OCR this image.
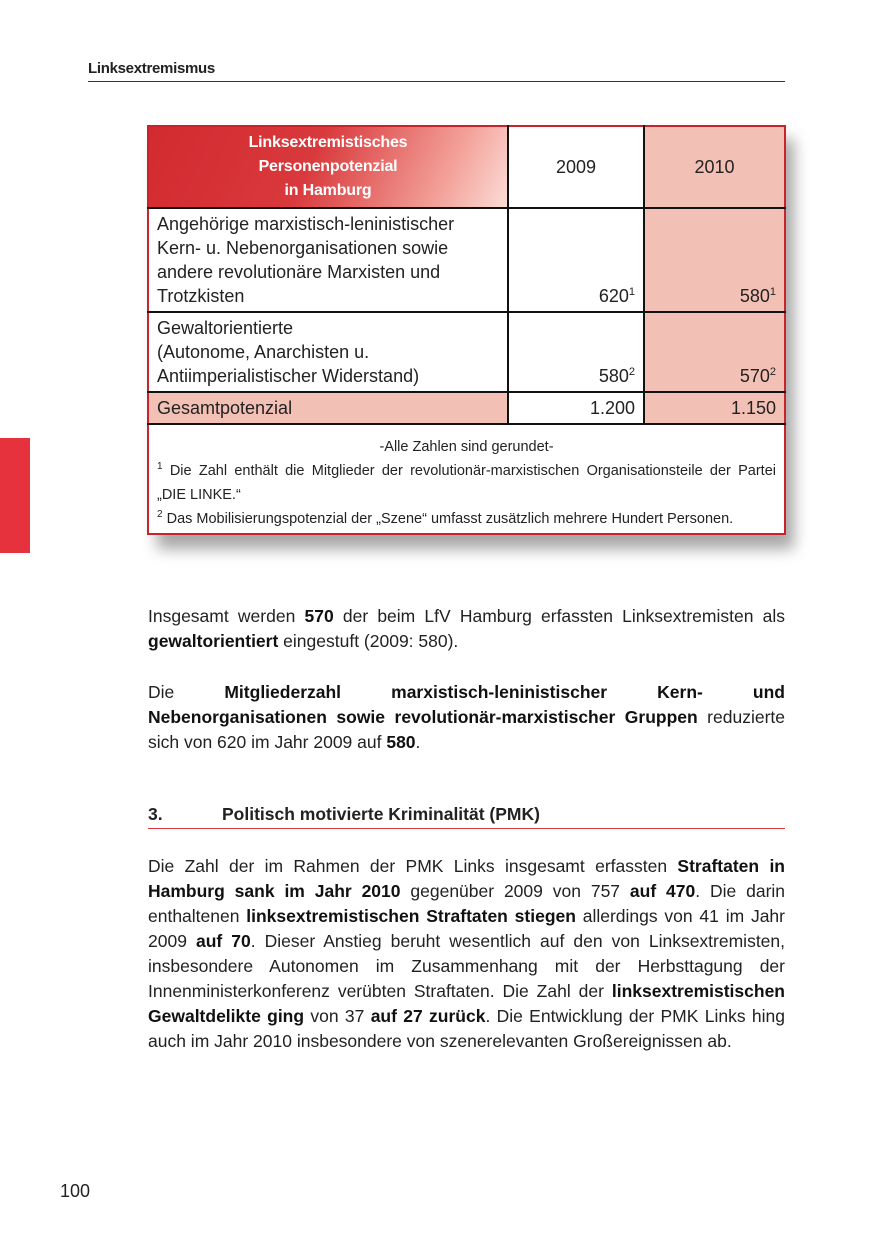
Linksextremismus
Linksextremistisches
Personenpotenzial
in Hamburg	2009	2010
Angehörige marxistisch-leninistischer
Kern- u. Nebenorganisationen sowie
andere revolutionäre Marxisten und
Trotzkisten	$620^1$	$580^1$
Gewaltorientierte
(Autonome, Anarchisten u.
Antiimperialistischer Widerstand)	$580^2$	$570^2$
Gesamtpotenzial	1.200	1.150

-Alle Zahlen sind gerundet-
$^1$ Die Zahl enthält die Mitglieder der revolutionär-marxistischen Organisationsteile der Partei „DIE LINKE.“
$^2$ Das Mobilisierungspotenzial der „Szene“ umfasst zusätzlich mehrere Hundert Personen.		
Insgesamt werden 570 der beim LfV Hamburg erfassten Linksextremisten als gewaltorientiert eingestuft (2009: 580).
Die Mitgliederzahl marxistisch-leninistischer Kern- und Nebenorganisationen sowie revolutionär-marxistischer Gruppen reduzierte sich von 620 im Jahr 2009 auf 580.
3.	Politisch motivierte Kriminalität (PMK)
Die Zahl der im Rahmen der PMK Links insgesamt erfassten Straftaten in Hamburg sank im Jahr 2010 gegenüber 2009 von 757 auf 470. Die darin enthaltenen linksextremistischen Straftaten stiegen allerdings von 41 im Jahr 2009 auf 70. Dieser Anstieg beruht wesentlich auf den von Linksextremisten, insbesondere Autonomen im Zusammenhang mit der Herbsttagung der Innenministerkonferenz verübten Straftaten. Die Zahl der linksextremistischen Gewaltdelikte ging von 37 auf 27 zurück. Die Entwicklung der PMK Links hing auch im Jahr 2010 insbesondere von szenerelevanten Großereignissen ab.
100
